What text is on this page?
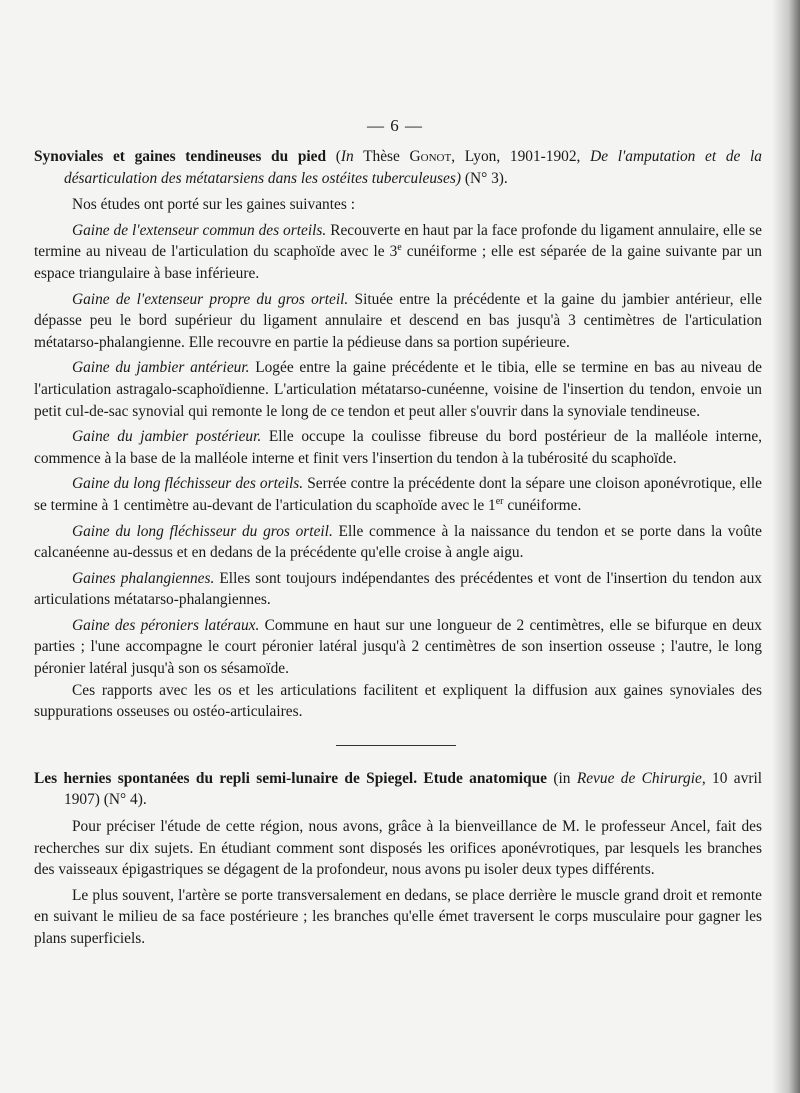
— 6 —

Synoviales et gaines tendineuses du pied (In Thèse Gonot, Lyon, 1901-1902, De l'amputation et de la désarticulation des métatarsiens dans les ostéites tuberculeuses) (N° 3).

Nos études ont porté sur les gaines suivantes :

Gaine de l'extenseur commun des orteils. Recouverte en haut par la face profonde du ligament annulaire, elle se termine au niveau de l'articulation du scaphoïde avec le 3e cunéiforme ; elle est séparée de la gaine suivante par un espace triangulaire à base inférieure.

Gaine de l'extenseur propre du gros orteil. Située entre la précédente et la gaine du jambier antérieur, elle dépasse peu le bord supérieur du ligament annulaire et descend en bas jusqu'à 3 centimètres de l'articulation métatarso-phalangienne. Elle recouvre en partie la pédieuse dans sa portion supérieure.

Gaine du jambier antérieur. Logée entre la gaine précédente et le tibia, elle se termine en bas au niveau de l'articulation astragalo-scaphoïdienne. L'articulation métatarso-cunéenne, voisine de l'insertion du tendon, envoie un petit cul-de-sac synovial qui remonte le long de ce tendon et peut aller s'ouvrir dans la synoviale tendineuse.

Gaine du jambier postérieur. Elle occupe la coulisse fibreuse du bord postérieur de la malléole interne, commence à la base de la malléole interne et finit vers l'insertion du tendon à la tubérosité du scaphoïde.

Gaine du long fléchisseur des orteils. Serrée contre la précédente dont la sépare une cloison aponévrotique, elle se termine à 1 centimètre au-devant de l'articulation du scaphoïde avec le 1er cunéiforme.

Gaine du long fléchisseur du gros orteil. Elle commence à la naissance du tendon et se porte dans la voûte calcanéenne au-dessus et en dedans de la précédente qu'elle croise à angle aigu.

Gaines phalangiennes. Elles sont toujours indépendantes des précédentes et vont de l'insertion du tendon aux articulations métatarso-phalangiennes.

Gaine des péroniers latéraux. Commune en haut sur une longueur de 2 centimètres, elle se bifurque en deux parties ; l'une accompagne le court péronier latéral jusqu'à 2 centimètres de son insertion osseuse ; l'autre, le long péronier latéral jusqu'à son os sésamoïde.

Ces rapports avec les os et les articulations facilitent et expliquent la diffusion aux gaines synoviales des suppurations osseuses ou ostéo-articulaires.

Les hernies spontanées du repli semi-lunaire de Spiegel. Etude anatomique (in Revue de Chirurgie, 10 avril 1907) (N° 4).

Pour préciser l'étude de cette région, nous avons, grâce à la bienveillance de M. le professeur Ancel, fait des recherches sur dix sujets. En étudiant comment sont disposés les orifices aponévrotiques, par lesquels les branches des vaisseaux épigastriques se dégagent de la profondeur, nous avons pu isoler deux types différents.

Le plus souvent, l'artère se porte transversalement en dedans, se place derrière le muscle grand droit et remonte en suivant le milieu de sa face postérieure ; les branches qu'elle émet traversent le corps musculaire pour gagner les plans superficiels.
